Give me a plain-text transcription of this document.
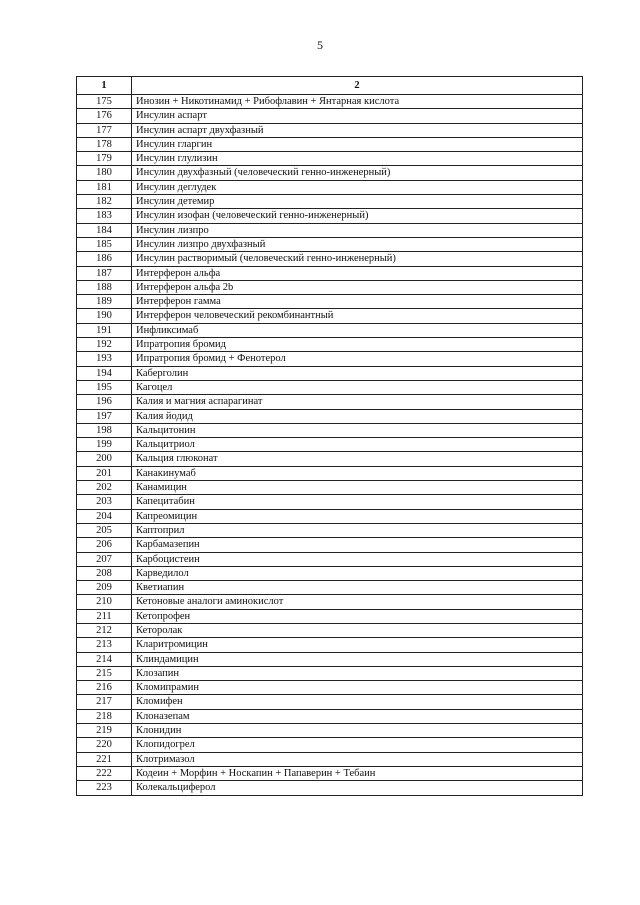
5
1	2
175	Инозин + Никотинамид + Рибофлавин + Янтарная кислота
176	Инсулин аспарт
177	Инсулин аспарт двухфазный
178	Инсулин гларгин
179	Инсулин глулизин
180	Инсулин двухфазный (человеческий генно-инженерный)
181	Инсулин деглудек
182	Инсулин детемир
183	Инсулин изофан (человеческий генно-инженерный)
184	Инсулин лизпро
185	Инсулин лизпро двухфазный
186	Инсулин растворимый (человеческий генно-инженерный)
187	Интерферон альфа
188	Интерферон альфа 2b
189	Интерферон гамма
190	Интерферон человеческий рекомбинантный
191	Инфликсимаб
192	Ипратропия бромид
193	Ипратропия бромид + Фенотерол
194	Каберголин
195	Кагоцел
196	Калия и магния аспарагинат
197	Калия йодид
198	Кальцитонин
199	Кальцитриол
200	Кальция глюконат
201	Канакинумаб
202	Канамицин
203	Капецитабин
204	Капреомицин
205	Каптоприл
206	Карбамазепин
207	Карбоцистеин
208	Карведилол
209	Кветиапин
210	Кетоновые аналоги аминокислот
211	Кетопрофен
212	Кеторолак
213	Кларитромицин
214	Клиндамицин
215	Клозапин
216	Кломипрамин
217	Кломифен
218	Клоназепам
219	Клонидин
220	Клопидогрел
221	Клотримазол
222	Кодеин + Морфин + Носкапин + Папаверин + Тебаин
223	Колекальциферол
